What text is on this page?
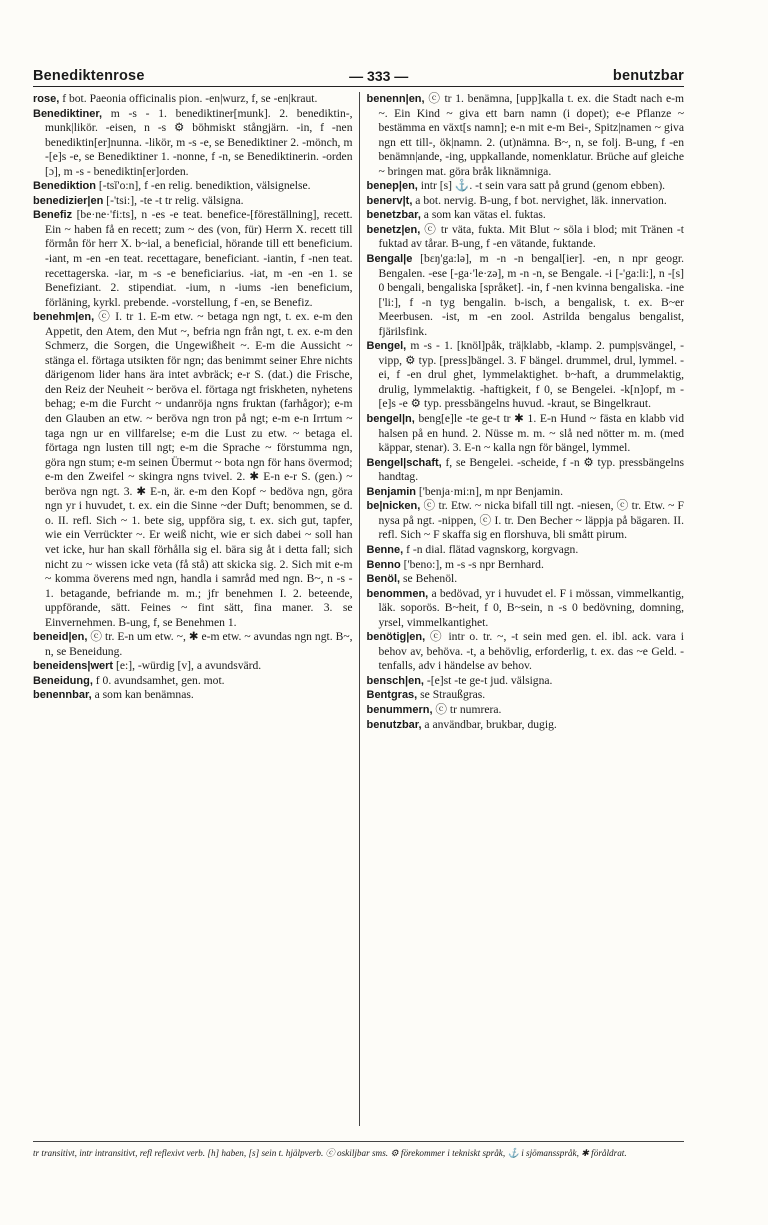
Benediktenrose	— 333 —	benutzbar

rose, f bot. Paeonia officinalis pion. -en|wurz, f, se -en|kraut.

Benediktiner, m -s - 1. benediktiner[munk]. 2. benediktin-, munk|likör. -eisen, n -s ⚙ böhmiskt stångjärn. -in, f -nen benediktin[er]nunna. -likör, m -s -e, se Benediktiner 2. -mönch, m -[e]s -e, se Benediktiner 1. -nonne, f -n, se Benediktinerin. -orden [ɔ], m -s - benediktin[er]orden.

Benediktion [-tsĭ'o:n], f -en relig. benediktion, välsignelse.

benedizier|en [-'tsi:], -te -t tr relig. välsigna.

Benefiz [be·ne·'fi:ts], n -es -e teat. benefice-[föreställning], recett. Ein ~ haben få en recett; zum ~ des (von, für) Herrn X. recett till förmån för herr X. b~ial, a beneficial, hörande till ett beneficium. -iant, m -en -en teat. recettagare, beneficiant. -iantin, f -nen teat. recettagerska. -iar, m -s -e beneficiarius. -iat, m -en -en 1. se Benefiziant. 2. stipendiat. -ium, n -iums -ien beneficium, förläning, kyrkl. prebende. -vorstellung, f -en, se Benefiz.

benehm|en, ⓒ I. tr 1. E-m etw. ~ betaga ngn ngt, t. ex. e-m den Appetit, den Atem, den Mut ~, befria ngn från ngt, t. ex. e-m den Schmerz, die Sorgen, die Ungewißheit ~. E-m die Aussicht ~ stänga el. förtaga utsikten för ngn; das benimmt seiner Ehre nichts därigenom lider hans ära intet avbräck; e-r S. (dat.) die Frische, den Reiz der Neuheit ~ beröva el. förtaga ngt friskheten, nyhetens behag; e-m die Furcht ~ undanröja ngns fruktan (farhågor); e-m den Glauben an etw. ~ beröva ngn tron på ngt; e-m e-n Irrtum ~ taga ngn ur en villfarelse; e-m die Lust zu etw. ~ betaga el. förtaga ngn lusten till ngt; e-m die Sprache ~ förstumma ngn, göra ngn stum; e-m seinen Übermut ~ bota ngn för hans övermod; e-m den Zweifel ~ skingra ngns tvivel. 2. ✱ E-n e-r S. (gen.) ~ beröva ngn ngt. 3. ✱ E-n, är. e-m den Kopf ~ bedöva ngn, göra ngn yr i huvudet, t. ex. ein die Sinne ~der Duft; benommen, se d. o. II. refl. Sich ~ 1. bete sig, uppföra sig, t. ex. sich gut, tapfer, wie ein Verrückter ~. Er weiß nicht, wie er sich dabei ~ soll han vet icke, hur han skall förhålla sig el. bära sig åt i detta fall; sich nicht zu ~ wissen icke veta (få stå) att skicka sig. 2. Sich mit e-m ~ komma överens med ngn, handla i samråd med ngn. B~, n -s - 1. betagande, befriande m. m.; jfr benehmen I. 2. beteende, uppförande, sätt. Feines ~ fint sätt, fina maner. 3. se Einvernehmen. B-ung, f, se Benehmen 1.

beneid|en, ⓒ tr. E-n um etw. ~, ✱ e-m etw. ~ avundas ngn ngt. B~, n, se Beneidung.

beneidens|wert [e:], -würdig [v], a avundsvärd.

Beneidung, f 0. avundsamhet, gen. mot.

benennbar, a som kan benämnas.

benenn|en, ⓒ tr 1. benämna, [upp]kalla t. ex. die Stadt nach e-m ~. Ein Kind ~ giva ett barn namn (i dopet); e-e Pflanze ~ bestämma en växt[s namn]; e-n mit e-m Bei-, Spitz|namen ~ giva ngn ett till-, ök|namn. 2. (ut)nämna. B~, n, se folj. B-ung, f -en benämn|ande, -ing, uppkallande, nomenklatur. Brüche auf gleiche ~ bringen mat. göra bråk liknämniga.

benep|en, intr [s] ⚓. -t sein vara satt på grund (genom ebben).

benerv|t, a bot. nervig. B-ung, f bot. nervighet, läk. innervation.

benetzbar, a som kan vätas el. fuktas.

benetz|en, ⓒ tr väta, fukta. Mit Blut ~ söla i blod; mit Tränen -t fuktad av tårar. B-ung, f -en vätande, fuktande.

Bengal|e [bɛŋ'ga:lə], m -n -n bengal[ier]. -en, n npr geogr. Bengalen. -ese [-ga·'le·zə], m -n -n, se Bengale. -i [-'ga:li:], n -[s] 0 bengali, bengaliska [språket]. -in, f -nen kvinna bengaliska. -ine ['li:], f -n tyg bengalin. b-isch, a bengalisk, t. ex. B~er Meerbusen. -ist, m -en zool. Astrilda bengalus bengalist, fjärilsfink.

Bengel, m -s - 1. [knöl]påk, trä|klabb, -klamp. 2. pump|svängel, -vipp, ⚙ typ. [press]bängel. 3. F bängel. drummel, drul, lymmel. -ei, f -en drul ghet, lymmelaktighet. b~haft, a drummelaktig, drulig, lymmelaktig. -haftigkeit, f 0, se Bengelei. -k[n]opf, m -[e]s -e ⚙ typ. pressbängelns huvud. -kraut, se Bingelkraut.

bengel|n, beng[e]le -te ge-t tr ✱ 1. E-n Hund ~ fästa en klabb vid halsen på en hund. 2. Nüsse m. m. ~ slå ned nötter m. m. (med käppar, stenar). 3. E-n ~ kalla ngn för bängel, lymmel.

Bengel|schaft, f, se Bengelei. -scheide, f -n ⚙ typ. pressbängelns handtag.

Benjamin ['benja·mi:n], m npr Benjamin.

be|nicken, ⓒ tr. Etw. ~ nicka bifall till ngt. -niesen, ⓒ tr. Etw. ~ F nysa på ngt. -nippen, ⓒ I. tr. Den Becher ~ läppja på bägaren. II. refl. Sich ~ F skaffa sig en florshuva, bli smått pirum.

Benne, f -n dial. flätad vagnskorg, korgvagn.

Benno ['beno:], m -s -s npr Bernhard.

Benöl, se Behenöl.

benommen, a bedövad, yr i huvudet el. F i mössan, vimmelkantig, läk. soporös. B~heit, f 0, B~sein, n -s 0 bedövning, domning, yrsel, vimmelkantighet.

benötig|en, ⓒ intr o. tr. ~, -t sein med gen. el. ibl. ack. vara i behov av, behöva. -t, a behövlig, erforderlig, t. ex. das ~e Geld. -tenfalls, adv i händelse av behov.

bensch|en, -[e]st -te ge-t jud. välsigna.

Bentgras, se Straußgras.

benummern, ⓒ tr numrera.

benutzbar, a användbar, brukbar, dugig.

tr transitivt, intr intransitivt, refl reflexivt verb. [h] haben, [s] sein t. hjälpverb. ⓒ oskiljbar sms. ⚙ förekommer i tekniskt språk, ⚓ i sjömansspråk, ✱ föråldrat.
